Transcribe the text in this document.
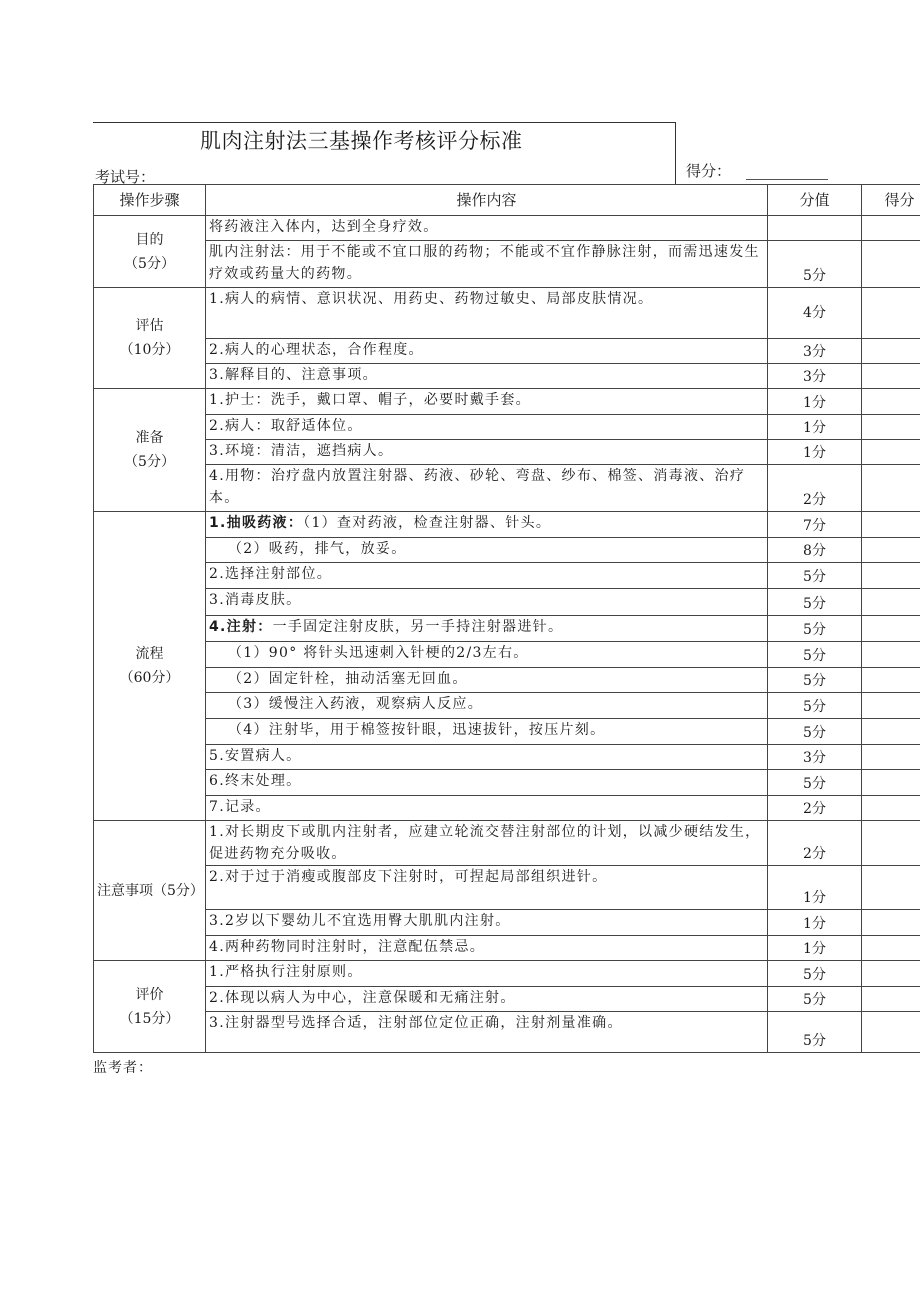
肌肉注射法三基操作考核评分标准
考试号：	得分：
操作步骤	操作内容	分值	得分

目的
（5分）	将药液注入体内，达到全身疗效。		
	肌内注射法：用于不能或不宜口服的药物；不能或不宜作静脉注射，而需迅速发生疗效或药量大的药物。	5分	

评估
（10分）	1.病人的病情、意识状况、用药史、药物过敏史、局部皮肤情况。	4分	
	2.病人的心理状态，合作程度。	3分	
	3.解释目的、注意事项。	3分	

准备
（5分）	1.护士：洗手，戴口罩、帽子，必要时戴手套。	1分	
	2.病人：取舒适体位。	1分	
	3.环境：清洁，遮挡病人。	1分	
	4.用物：治疗盘内放置注射器、药液、砂轮、弯盘、纱布、棉签、消毒液、治疗本。	2分	

流程
（60分）	1.抽吸药液：（1）查对药液，检查注射器、针头。	7分	
	（2）吸药，排气，放妥。	8分	
	2.选择注射部位。	5分	
	3.消毒皮肤。	5分	
	4.注射：一手固定注射皮肤，另一手持注射器进针。	5分	
	（1）90° 将针头迅速刺入针梗的2/3左右。	5分	
	（2）固定针栓，抽动活塞无回血。	5分	
	（3）缓慢注入药液，观察病人反应。	5分	
	（4）注射毕，用于棉签按针眼，迅速拔针，按压片刻。	5分	
	5.安置病人。	3分	
	6.终末处理。	5分	
	7.记录。	2分	

注意事项（5分）	1.对长期皮下或肌内注射者，应建立轮流交替注射部位的计划，以减少硬结发生，促进药物充分吸收。	2分	
	2.对于过于消瘦或腹部皮下注射时，可捏起局部组织进针。	1分	
	3.2岁以下婴幼儿不宜选用臀大肌肌内注射。	1分	
	4.两种药物同时注射时，注意配伍禁忌。	1分	

评价
（15分）	1.严格执行注射原则。	5分	
	2.体现以病人为中心，注意保暖和无痛注射。	5分	
	3.注射器型号选择合适，注射部位定位正确，注射剂量准确。	5分	
监考者：
